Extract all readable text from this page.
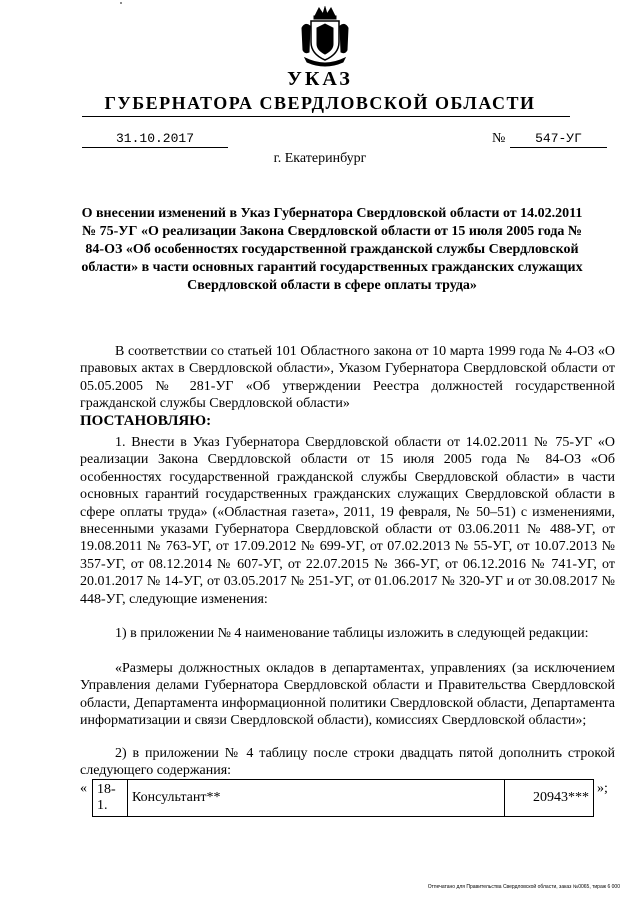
УКАЗ
ГУБЕРНАТОРА СВЕРДЛОВСКОЙ ОБЛАСТИ
31.10.2017	№	547-УГ
г. Екатеринбург
О внесении изменений в Указ Губернатора Свердловской области от 14.02.2011 № 75-УГ «О реализации Закона Свердловской области от 15 июля 2005 года № 84-ОЗ «Об особенностях государственной гражданской службы Свердловской области» в части основных гарантий государственных гражданских служащих Свердловской области в сфере оплаты труда»

В соответствии со статьей 101 Областного закона от 10 марта 1999 года № 4-ОЗ «О правовых актах в Свердловской области», Указом Губернатора Свердловской области от 05.05.2005 № 281-УГ «Об утверждении Реестра должностей государственной гражданской службы Свердловской области»

ПОСТАНОВЛЯЮ:

1. Внести в Указ Губернатора Свердловской области от 14.02.2011 № 75-УГ «О реализации Закона Свердловской области от 15 июля 2005 года № 84-ОЗ «Об особенностях государственной гражданской службы Свердловской области» в части основных гарантий государственных гражданских служащих Свердловской области в сфере оплаты труда» («Областная газета», 2011, 19 февраля, № 50–51) с изменениями, внесенными указами Губернатора Свердловской области от 03.06.2011 № 488-УГ, от 19.08.2011 № 763-УГ, от 17.09.2012 № 699-УГ, от 07.02.2013 № 55-УГ, от 10.07.2013 № 357-УГ, от 08.12.2014 № 607-УГ, от 22.07.2015 № 366-УГ, от 06.12.2016 № 741-УГ, от 20.01.2017 № 14-УГ, от 03.05.2017 № 251-УГ, от 01.06.2017 № 320-УГ и от 30.08.2017 № 448-УГ, следующие изменения:

1) в приложении № 4 наименование таблицы изложить в следующей редакции:

«Размеры должностных окладов в департаментах, управлениях (за исключением Управления делами Губернатора Свердловской области и Правительства Свердловской области, Департамента информационной политики Свердловской области, Департамента информатизации и связи Свердловской области), комиссиях Свердловской области»;

2) в приложении № 4 таблицу после строки двадцать пятой дополнить строкой следующего содержания:

« 18-1.	Консультант**	20943***
»;
Отпечатано для Правительства Свердловской области, заказ №0065, тираж 6 000
